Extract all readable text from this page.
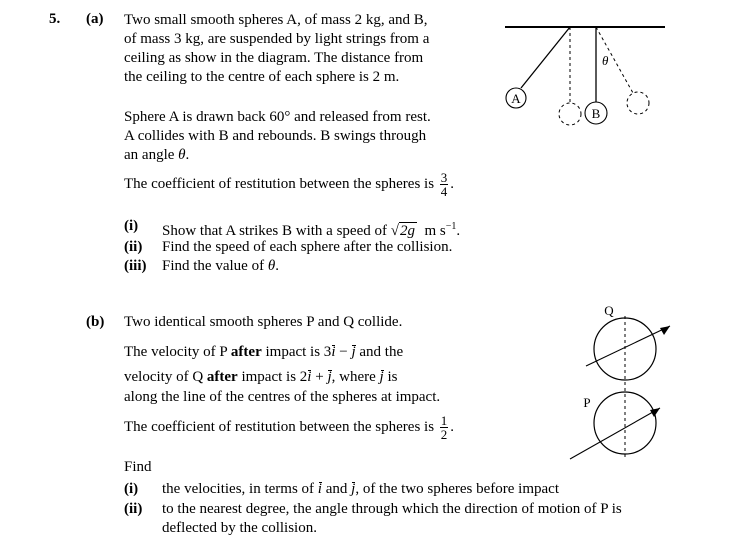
5. (a) Two small smooth spheres A, of mass 2 kg, and B,
of mass 3 kg, are suspended by light strings from a
ceiling as show in the diagram. The distance from
the ceiling to the centre of each sphere is 2 m.
Sphere A is drawn back 60° and released from rest.
A collides with B and rebounds. B swings through
an angle θ.
The coefficient of restitution between the spheres is $\frac{3}{4}$ .
(i) Show that A strikes B with a speed of √2g m $s^{-1}$.
(ii) Find the speed of each sphere after the collision.
(iii) Find the value of θ.
(b) Two identical smooth spheres P and Q collide.
The velocity of P after impact is 3i − j and the
velocity of Q after impact is 2i + j, where j is
along the line of the centres of the spheres at impact.
The coefficient of restitution between the spheres is $\frac{1}{2}$ .
Find
(i) the velocities, in terms of i and j, of the two spheres before impact
(ii) to the nearest degree, the angle through which the direction of motion of P is
deflected by the collision.
A
B
θ
Q
P
